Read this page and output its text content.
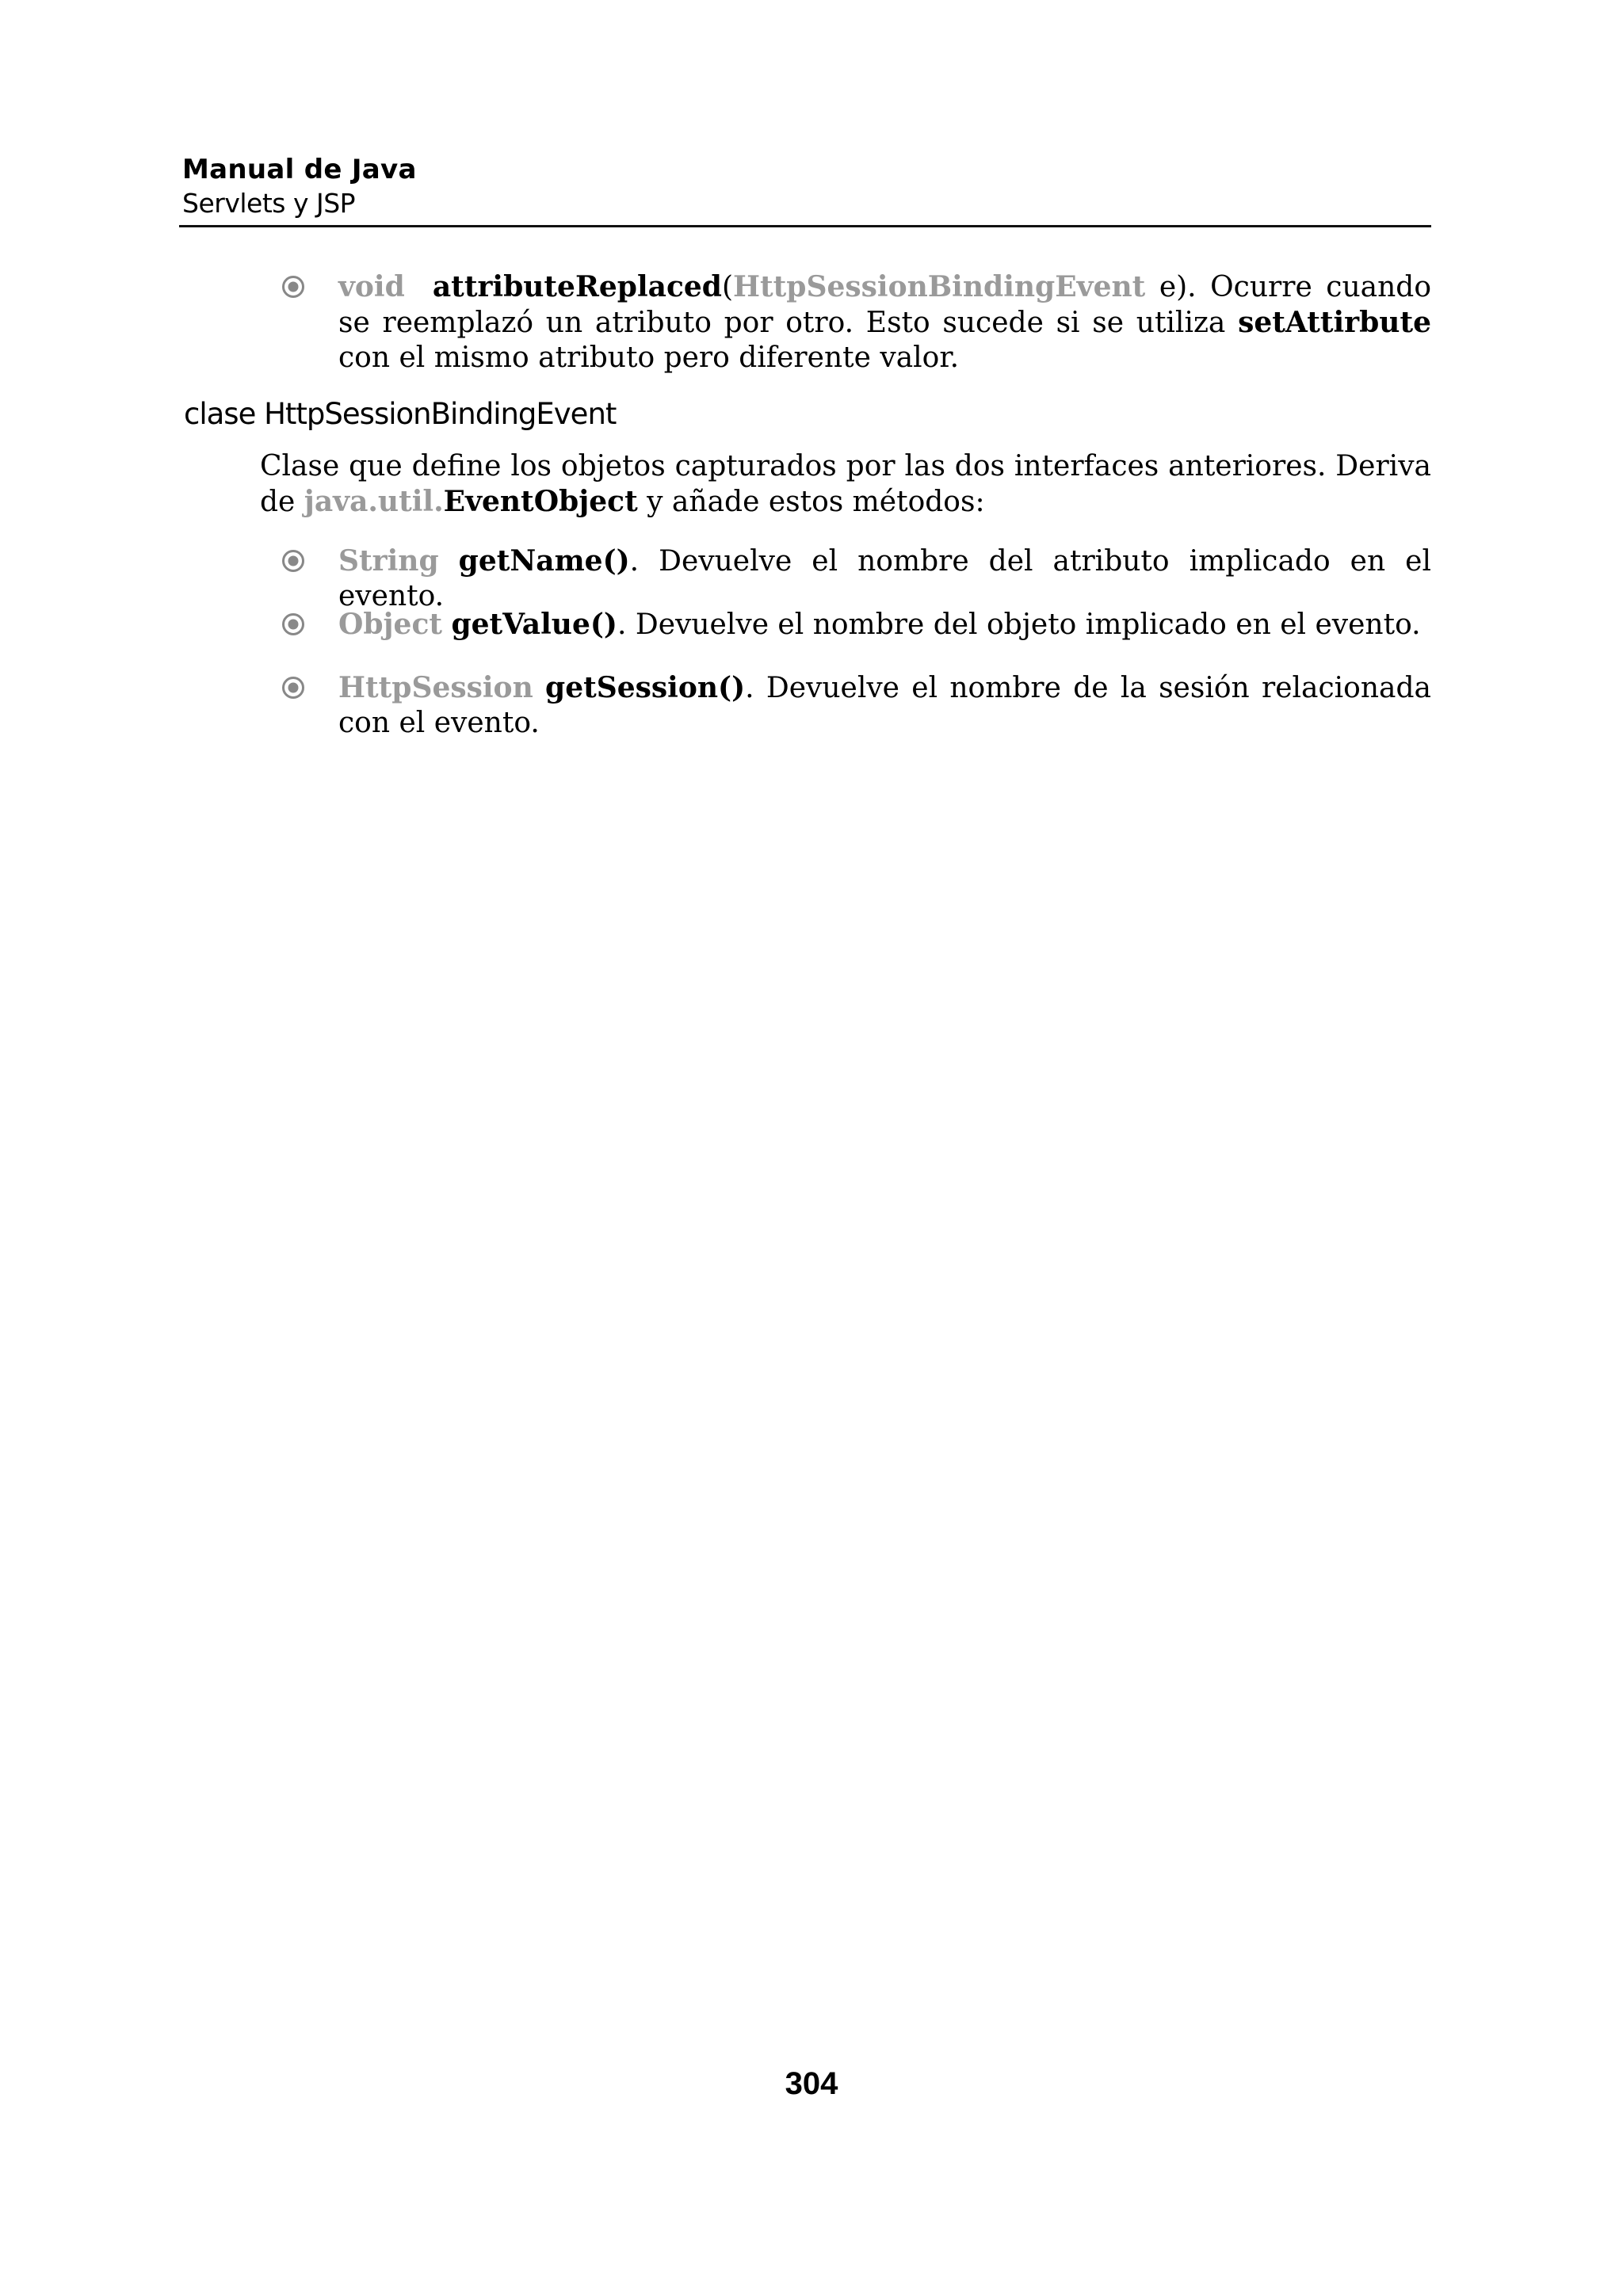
Manual de Java
Servlets y JSP
void attributeReplaced(HttpSessionBindingEvent e). Ocurre cuando se reemplazó un atributo por otro. Esto sucede si se utiliza setAttirbute con el mismo atributo pero diferente valor.
clase HttpSessionBindingEvent
Clase que define los objetos capturados por las dos interfaces anteriores. Deriva de java.util.EventObject y añade estos métodos:
String getName(). Devuelve el nombre del atributo implicado en el evento.
Object getValue(). Devuelve el nombre del objeto implicado en el evento.
HttpSession getSession(). Devuelve el nombre de la sesión relacionada con el evento.
304
